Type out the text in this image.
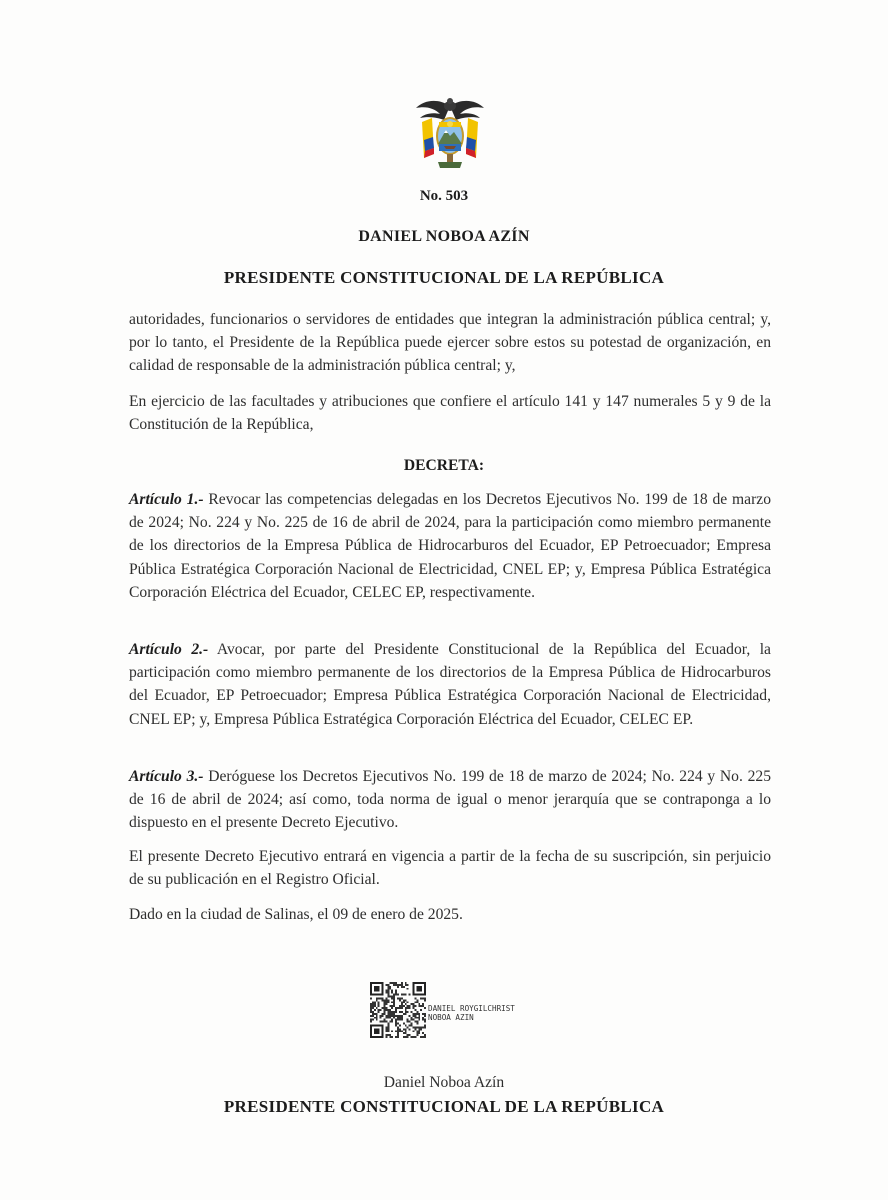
No. 503
DANIEL NOBOA AZÍN
PRESIDENTE CONSTITUCIONAL DE LA REPÚBLICA

autoridades, funcionarios o servidores de entidades que integran la administración pública central; y, por lo tanto, el Presidente de la República puede ejercer sobre estos su potestad de organización, en calidad de responsable de la administración pública central; y,

En ejercicio de las facultades y atribuciones que confiere el artículo 141 y 147 numerales 5 y 9 de la Constitución de la República,

DECRETA:

Artículo 1.- Revocar las competencias delegadas en los Decretos Ejecutivos No. 199 de 18 de marzo de 2024; No. 224 y No. 225 de 16 de abril de 2024, para la participación como miembro permanente de los directorios de la Empresa Pública de Hidrocarburos del Ecuador, EP Petroecuador; Empresa Pública Estratégica Corporación Nacional de Electricidad, CNEL EP; y, Empresa Pública Estratégica Corporación Eléctrica del Ecuador, CELEC EP, respectivamente.

Artículo 2.- Avocar, por parte del Presidente Constitucional de la República del Ecuador, la participación como miembro permanente de los directorios de la Empresa Pública de Hidrocarburos del Ecuador, EP Petroecuador; Empresa Pública Estratégica Corporación Nacional de Electricidad, CNEL EP; y, Empresa Pública Estratégica Corporación Eléctrica del Ecuador, CELEC EP.

Artículo 3.- Deróguese los Decretos Ejecutivos No. 199 de 18 de marzo de 2024; No. 224 y No. 225 de 16 de abril de 2024; así como, toda norma de igual o menor jerarquía que se contraponga a lo dispuesto en el presente Decreto Ejecutivo.

El presente Decreto Ejecutivo entrará en vigencia a partir de la fecha de su suscripción, sin perjuicio de su publicación en el Registro Oficial.

Dado en la ciudad de Salinas, el 09 de enero de 2025.

DANIEL ROYGILCHRIST
NOBOA AZIN
Daniel Noboa Azín
PRESIDENTE CONSTITUCIONAL DE LA REPÚBLICA
